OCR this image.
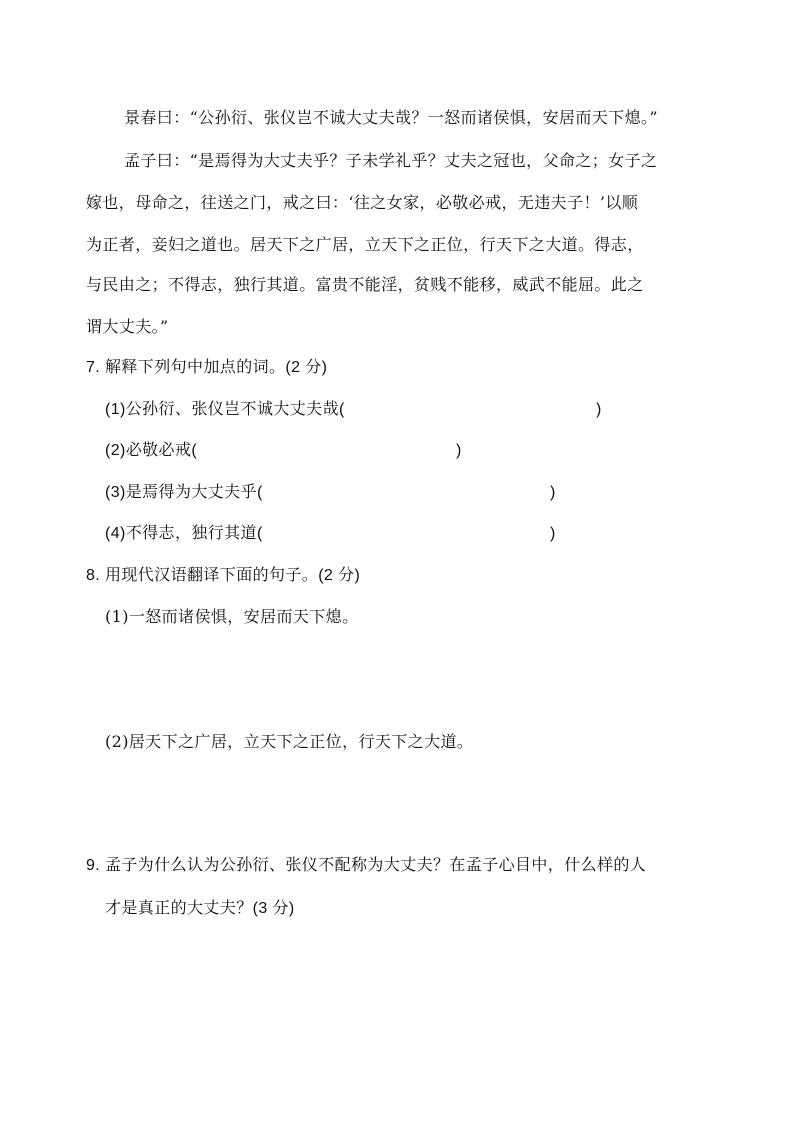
景春曰：“公孙衍、张仪岂不诚大丈夫哉？一怒而诸侯惧，安居而天下熄。”
孟子曰：“是焉得为大丈夫乎？子未学礼乎？丈夫之冠也，父命之；女子之
嫁也，母命之，往送之门，戒之曰：‘往之女家，必敬必戒，无违夫子！’以顺
为正者，妾妇之道也。居天下之广居，立天下之正位，行天下之大道。得志，
与民由之；不得志，独行其道。富贵不能淫，贫贱不能移，威武不能屈。此之
谓大丈夫。”
7. 解释下列句中加点的词。(2 分)
(1)公孙衍、张仪岂不诚大丈夫哉(	)
(2)必敬必戒(	)
(3)是焉得为大丈夫乎(	)
(4)不得志，独行其道(	)
8. 用现代汉语翻译下面的句子。(2 分)
(1)一怒而诸侯惧，安居而天下熄。
(2)居天下之广居，立天下之正位，行天下之大道。
9. 孟子为什么认为公孙衍、张仪不配称为大丈夫？在孟子心目中，什么样的人
才是真正的大丈夫？(3 分)
